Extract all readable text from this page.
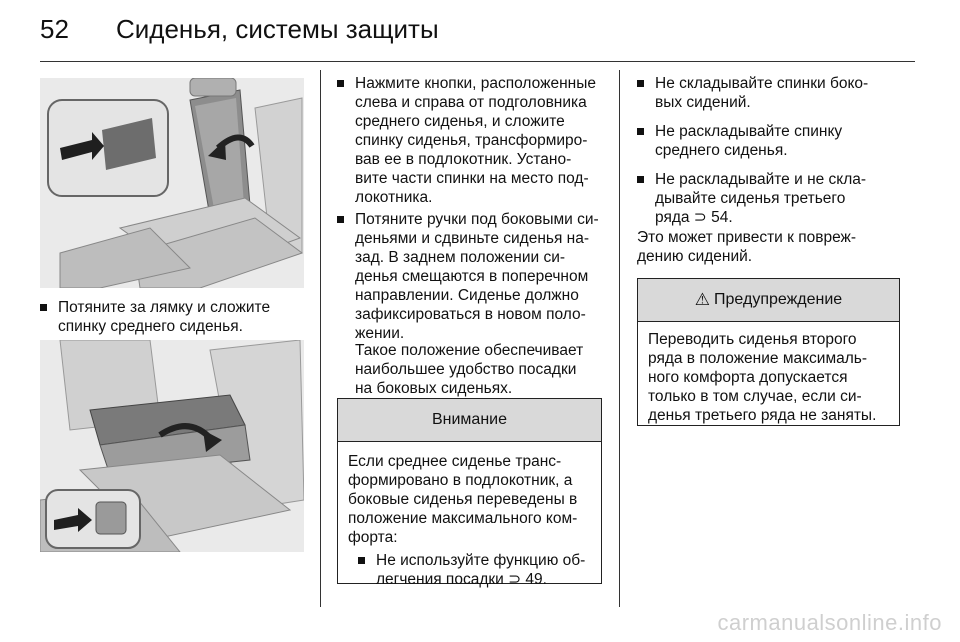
52 Сиденья, системы защиты
Потяните за лямку и сложите
спинку среднего сиденья.
Нажмите кнопки, расположенные
слева и справа от подголовника
среднего сиденья, и сложите
спинку сиденья, трансформиро-
вав ее в подлокотник. Устано-
вите части спинки на место под-
локотника.
Потяните ручки под боковыми си-
деньями и сдвиньте сиденья на-
зад. В заднем положении си-
денья смещаются в поперечном
направлении. Сиденье должно
зафиксироваться в новом поло-
жении.
Такое положение обеспечивает
наибольшее удобство посадки
на боковых сиденьях.
Внимание
Если среднее сиденье транс-
формировано в подлокотник, а
боковые сиденья переведены в
положение максимального ком-
форта:
Не используйте функцию об-
легчения посадки ⊃ 49.
Не складывайте спинки боко-
вых сидений.
Не раскладывайте спинку
среднего сиденья.
Не раскладывайте и не скла-
дывайте сиденья третьего
ряда ⊃ 54.
Это может привести к повреж-
дению сидений.
⚠ Предупреждение
Переводить сиденья второго
ряда в положение максималь-
ного комфорта допускается
только в том случае, если си-
денья третьего ряда не заняты.
carmanualsonline.info
